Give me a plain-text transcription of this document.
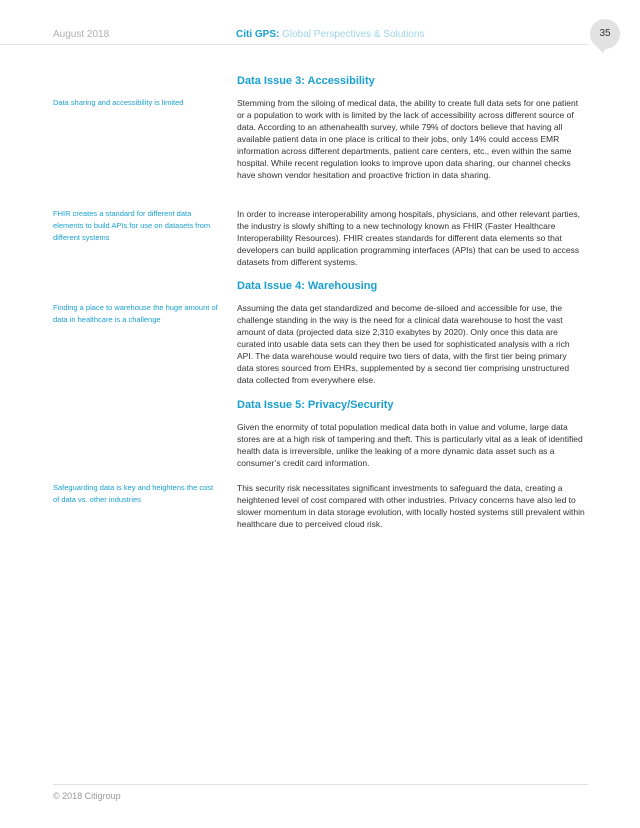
August 2018	Citi GPS: Global Perspectives & Solutions	35
Data Issue 3: Accessibility
Data sharing and accessibility is limited	Stemming from the siloing of medical data, the ability to create full data sets for one patient or a population to work with is limited by the lack of accessibility across different source of data. According to an athenahealth survey, while 79% of doctors believe that having all available patient data in one place is critical to their jobs, only 14% could access EMR information across different departments, patient care centers, etc., even within the same hospital. While recent regulation looks to improve upon data sharing, our channel checks have shown vendor hesitation and proactive friction in data sharing.
FHIR creates a standard for different data elements to build APIs for use on datasets from different systems
In order to increase interoperability among hospitals, physicians, and other relevant parties, the industry is slowly shifting to a new technology known as FHIR (Faster Healthcare Interoperability Resources). FHIR creates standards for different data elements so that developers can build application programming interfaces (APIs) that can be used to access datasets from different systems.
Data Issue 4: Warehousing
Finding a place to warehouse the huge amount of data in healthcare is a challenge
Assuming the data get standardized and become de-siloed and accessible for use, the challenge standing in the way is the need for a clinical data warehouse to host the vast amount of data (projected data size 2,310 exabytes by 2020). Only once this data are curated into usable data sets can they then be used for sophisticated analysis with a rich API. The data warehouse would require two tiers of data, with the first tier being primary data stores sourced from EHRs, supplemented by a second tier comprising unstructured data collected from everywhere else.
Data Issue 5: Privacy/Security
Given the enormity of total population medical data both in value and volume, large data stores are at a high risk of tampering and theft. This is particularly vital as a leak of identified health data is irreversible, unlike the leaking of a more dynamic data asset such as a consumer’s credit card information.
Safeguarding data is key and heightens the cost of data vs. other industries
This security risk necessitates significant investments to safeguard the data, creating a heightened level of cost compared with other industries. Privacy concerns have also led to slower momentum in data storage evolution, with locally hosted systems still prevalent within healthcare due to perceived cloud risk.
© 2018 Citigroup
